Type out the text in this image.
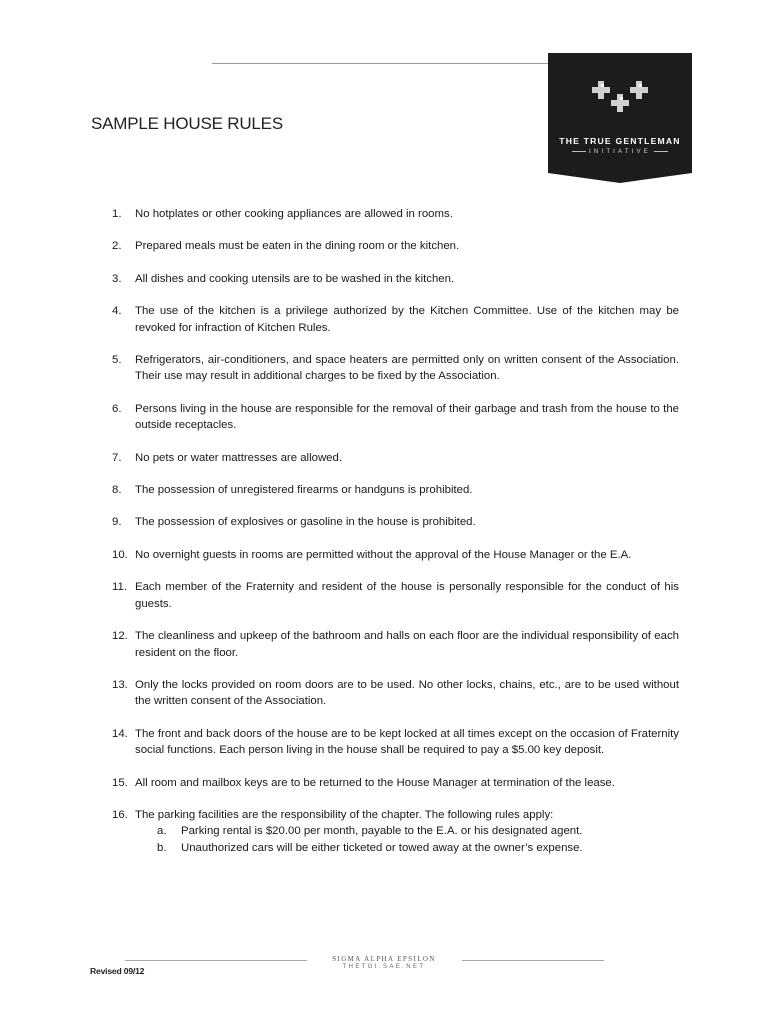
THE TRUE GENTLEMAN
INITIATIVE
SAMPLE HOUSE RULES
1.	No hotplates or other cooking appliances are allowed in rooms.
2.	Prepared meals must be eaten in the dining room or the kitchen.
3.	All dishes and cooking utensils are to be washed in the kitchen.
4.	The use of the kitchen is a privilege authorized by the Kitchen Committee. Use of the kitchen may be revoked for infraction of Kitchen Rules.
5.	Refrigerators, air-conditioners, and space heaters are permitted only on written consent of the Association. Their use may result in additional charges to be fixed by the Association.
6.	Persons living in the house are responsible for the removal of their garbage and trash from the house to the outside receptacles.
7.	No pets or water mattresses are allowed.
8.	The possession of unregistered firearms or handguns is prohibited.
9.	The possession of explosives or gasoline in the house is prohibited.
10. No overnight guests in rooms are permitted without the approval of the House Manager or the E.A.
11. Each member of the Fraternity and resident of the house is personally responsible for the conduct of his guests.
12. The cleanliness and upkeep of the bathroom and halls on each floor are the individual responsibility of each resident on the floor.
13. Only the locks provided on room doors are to be used. No other locks, chains, etc., are to be used without the written consent of the Association.
14. The front and back doors of the house are to be kept locked at all times except on the occasion of Fraternity social functions. Each person living in the house shall be required to pay a $5.00 key deposit.
15. All room and mailbox keys are to be returned to the House Manager at termination of the lease.
16. The parking facilities are the responsibility of the chapter. The following rules apply:
a.	Parking rental is $20.00 per month, payable to the E.A. or his designated agent.
b.	Unauthorized cars will be either ticketed or towed away at the owner’s expense.
SIGMA ALPHA EPSILON
THETGI.SAE.NET
Revised 09/12
